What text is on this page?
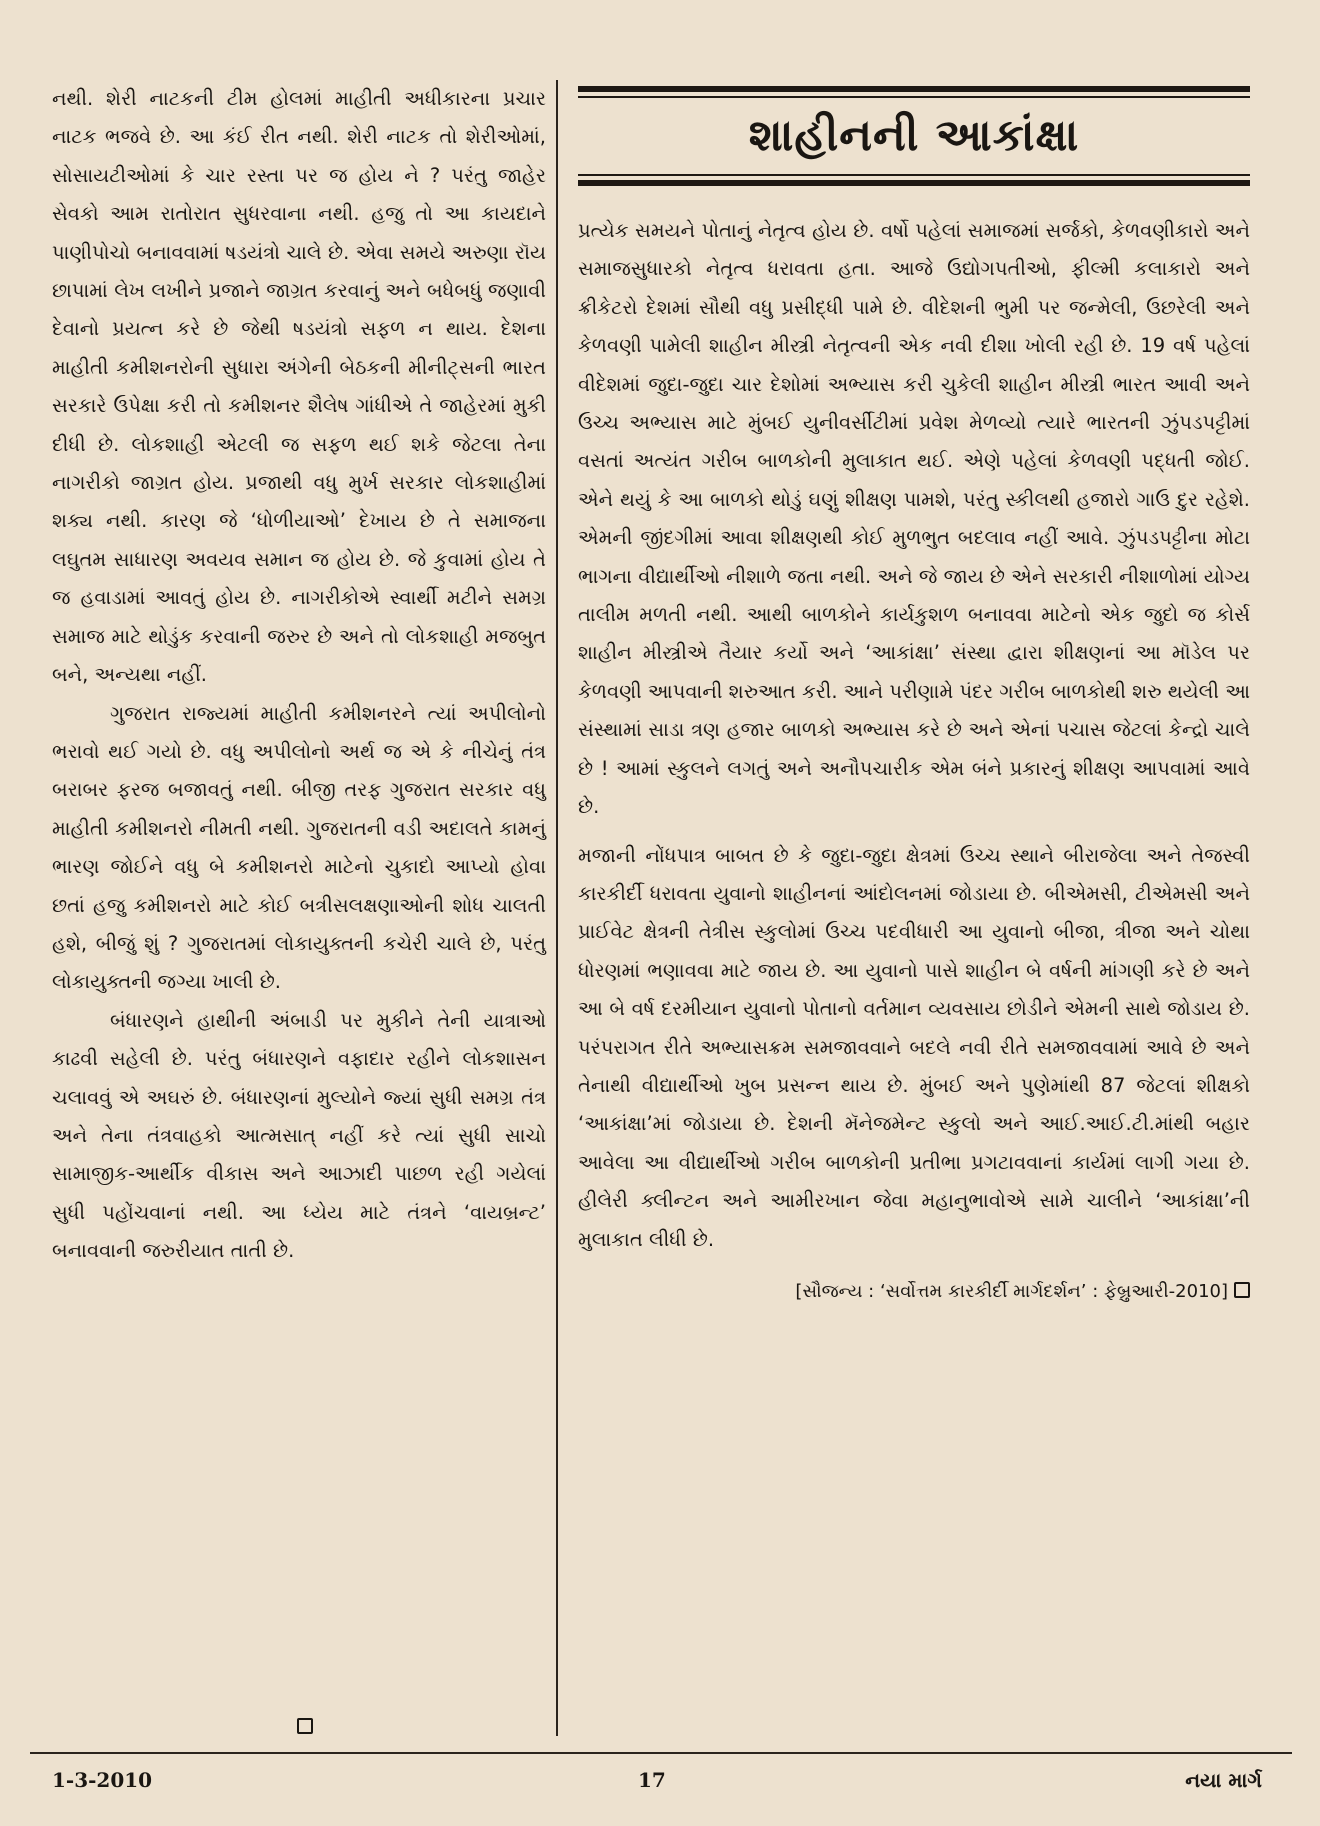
નથી. શેરી નાટકની ટીમ હોલમાં માહીતી અધીકારના પ્રચાર નાટક ભજવે છે. આ કંઈ રીત નથી. શેરી નાટક તો શેરીઓમાં, સોસાયટીઓમાં કે ચાર રસ્તા પર જ હોય ને ? પરંતુ જાહેર સેવકો આમ રાતોરાત સુધરવાના નથી. હજુ તો આ કાયદાને પાણીપોચો બનાવવામાં ષડયંત્રો ચાલે છે. એવા સમયે અરુણા રૉય છાપામાં લેખ લખીને પ્રજાને જાગ્રત કરવાનું અને બધેબધું જણાવી દેવાનો પ્રયત્ન કરે છે જેથી ષડયંત્રો સફળ ન થાય. દેશના માહીતી કમીશનરોની સુધારા અંગેની બેઠકની મીનીટ્સની ભારત સરકારે ઉપેક્ષા કરી તો કમીશનર શૈલેષ ગાંધીએ તે જાહેરમાં મુકી દીધી છે. લોકશાહી એટલી જ સફળ થઈ શકે જેટલા તેના નાગરીકો જાગ્રત હોય. પ્રજાથી વધુ મુર્ખ સરકાર લોકશાહીમાં શક્ય નથી. કારણ જે ‘ધોળીયાઓ’ દેખાય છે તે સમાજના લઘુતમ સાધારણ અવયવ સમાન જ હોય છે. જે કુવામાં હોય તે જ હવાડામાં આવતું હોય છે. નાગરીકોએ સ્વાર્થી મટીને સમગ્ર સમાજ માટે થોડુંક કરવાની જરુર છે અને તો લોકશાહી મજબુત બને, અન્યથા નહીં.

ગુજરાત રાજ્યમાં માહીતી કમીશનરને ત્યાં અપીલોનો ભરાવો થઈ ગયો છે. વધુ અપીલોનો અર્થ જ એ કે નીચેનું તંત્ર બરાબર ફરજ બજાવતું નથી. બીજી તરફ ગુજરાત સરકાર વધુ માહીતી કમીશનરો નીમતી નથી. ગુજરાતની વડી અદાલતે કામનું ભારણ જોઈને વધુ બે કમીશનરો માટેનો ચુકાદો આપ્યો હોવા છતાં હજુ કમીશનરો માટે કોઈ બત્રીસલક્ષણાઓની શોધ ચાલતી હશે, બીજું શું ? ગુજરાતમાં લોકાયુક્તની કચેરી ચાલે છે, પરંતુ લોકાયુક્તની જગ્યા ખાલી છે.

બંધારણને હાથીની અંબાડી પર મુકીને તેની યાત્રાઓ કાઢવી સહેલી છે. પરંતુ બંધારણને વફાદાર રહીને લોકશાસન ચલાવવું એ અઘરું છે. બંધારણનાં મુલ્યોને જ્યાં સુધી સમગ્ર તંત્ર અને તેના તંત્રવાહકો આત્મસાત્ નહીં કરે ત્યાં સુધી સાચો સામાજીક-આર્થીક વીકાસ અને આઝાદી પાછળ રહી ગયેલાં સુધી પહોંચવાનાં નથી. આ ધ્યેય માટે તંત્રને ‘વાયબ્રન્ટ’ બનાવવાની જરુરીયાત તાતી છે.

શાહીનની આકાંક્ષા

પ્રત્યેક સમયને પોતાનું નેતૃત્વ હોય છે. વર્ષો પહેલાં સમાજમાં સર્જકો, કેળવણીકારો અને સમાજસુધારકો નેતૃત્વ ધરાવતા હતા. આજે ઉદ્યોગપતીઓ, ફીલ્મી કલાકારો અને ક્રીકેટરો દેશમાં સૌથી વધુ પ્રસીદ્ધી પામે છે. વીદેશની ભુમી પર જન્મેલી, ઉછરેલી અને કેળવણી પામેલી શાહીન મીસ્ત્રી નેતૃત્વની એક નવી દીશા ખોલી રહી છે. 19 વર્ષ પહેલાં વીદેશમાં જુદા-જુદા ચાર દેશોમાં અભ્યાસ કરી ચુકેલી શાહીન મીસ્ત્રી ભારત આવી અને ઉચ્ચ અભ્યાસ માટે મુંબઈ યુનીવર્સીટીમાં પ્રવેશ મેળવ્યો ત્યારે ભારતની ઝુંપડપટ્ટીમાં વસતાં અત્યંત ગરીબ બાળકોની મુલાકાત થઈ. એણે પહેલાં કેળવણી પદ્ધતી જોઈ. એને થયું કે આ બાળકો થોડું ઘણું શીક્ષણ પામશે, પરંતુ સ્કીલથી હજારો ગાઉ દુર રહેશે. એમની જીંદગીમાં આવા શીક્ષણથી કોઈ મુળભુત બદલાવ નહીં આવે. ઝુંપડપટ્ટીના મોટા ભાગના વીદ્યાર્થીઓ નીશાળે જતા નથી. અને જે જાય છે એને સરકારી નીશાળોમાં યોગ્ય તાલીમ મળતી નથી. આથી બાળકોને કાર્યકુશળ બનાવવા માટેનો એક જુદો જ કોર્સ શાહીન મીસ્ત્રીએ તૈયાર કર્યો અને ‘આકાંક્ષા’ સંસ્થા દ્વારા શીક્ષણનાં આ મૉડેલ પર કેળવણી આપવાની શરુઆત કરી. આને પરીણામે પંદર ગરીબ બાળકોથી શરુ થયેલી આ સંસ્થામાં સાડા ત્રણ હજાર બાળકો અભ્યાસ કરે છે અને એનાં પચાસ જેટલાં કેન્દ્રો ચાલે છે ! આમાં સ્કુલને લગતું અને અનૌપચારીક એમ બંને પ્રકારનું શીક્ષણ આપવામાં આવે છે.

મજાની નોંધપાત્ર બાબત છે કે જુદા-જુદા ક્ષેત્રમાં ઉચ્ચ સ્થાને બીરાજેલા અને તેજસ્વી કારકીર્દી ધરાવતા યુવાનો શાહીનનાં આંદોલનમાં જોડાયા છે. બીએમસી, ટીએમસી અને પ્રાઈવેટ ક્ષેત્રની તેત્રીસ સ્કુલોમાં ઉચ્ચ પદવીધારી આ યુવાનો બીજા, ત્રીજા અને ચોથા ધોરણમાં ભણાવવા માટે જાય છે. આ યુવાનો પાસે શાહીન બે વર્ષની માંગણી કરે છે અને આ બે વર્ષ દરમીયાન યુવાનો પોતાનો વર્તમાન વ્યવસાય છોડીને એમની સાથે જોડાય છે. પરંપરાગત રીતે અભ્યાસક્રમ સમજાવવાને બદલે નવી રીતે સમજાવવામાં આવે છે અને તેનાથી વીદ્યાર્થીઓ ખુબ પ્રસન્ન થાય છે. મુંબઈ અને પુણેમાંથી 87 જેટલાં શીક્ષકો ‘આકાંક્ષા’માં જોડાયા છે. દેશની મૅનેજમેન્ટ સ્કુલો અને આઈ.આઈ.ટી.માંથી બહાર આવેલા આ વીદ્યાર્થીઓ ગરીબ બાળકોની પ્રતીભા પ્રગટાવવાનાં કાર્યમાં લાગી ગયા છે. હીલેરી ક્લીન્ટન અને આમીરખાન જેવા મહાનુભાવોએ સામે ચાલીને ‘આકાંક્ષા’ની મુલાકાત લીધી છે.

[સૌજન્ય : ‘સર્વોત્તમ કારકીર્દી માર્ગદર્શન’ : ફેબ્રુઆરી-2010]
1-3-2010	17	નયા માર્ગ
